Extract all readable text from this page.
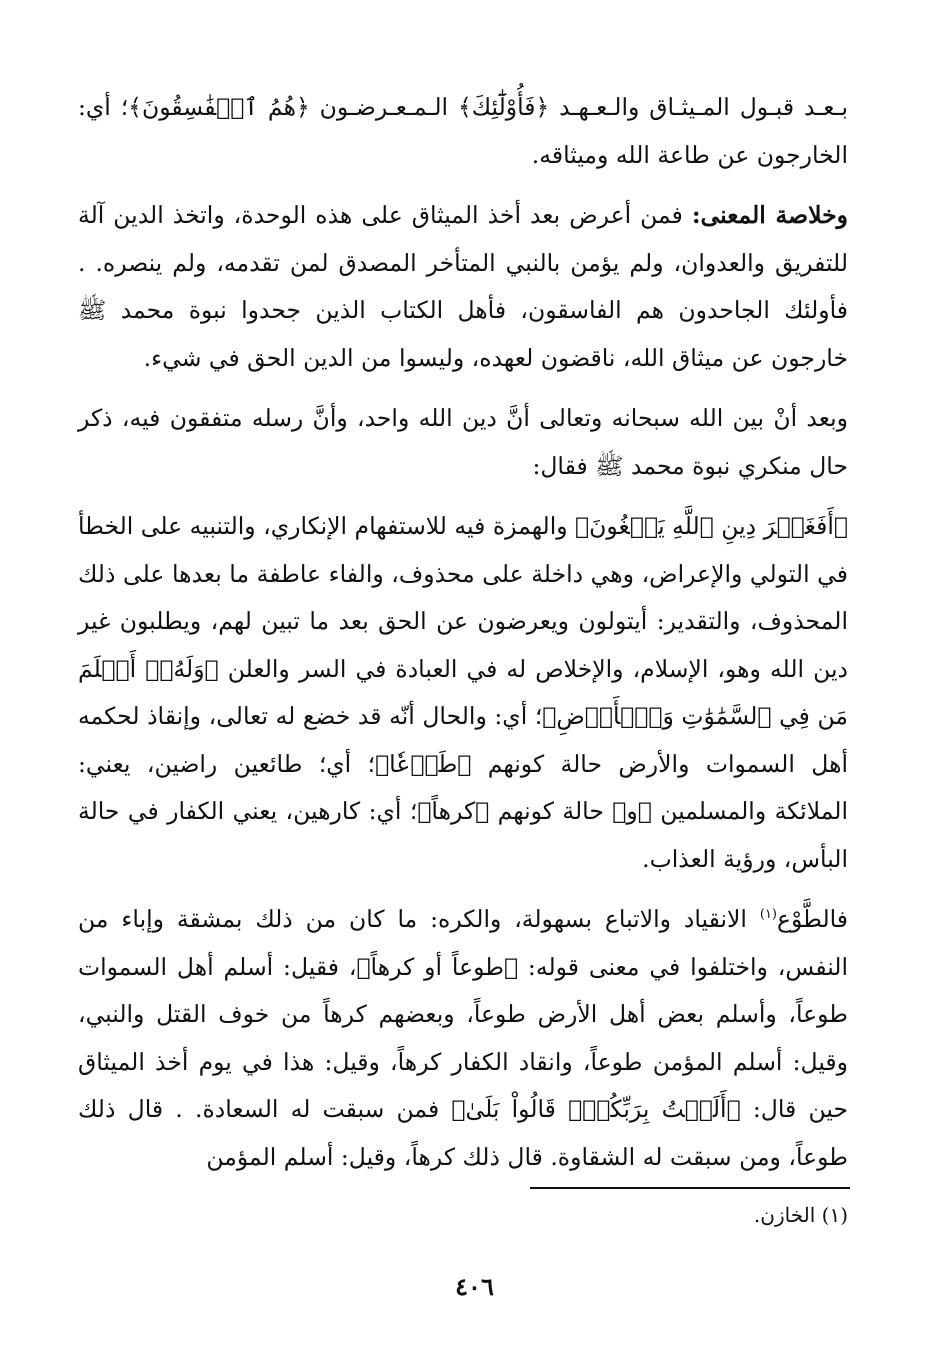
بـعـد قبـول المـيثـاق والـعـهـد ﴿فَأُوْلَٰٓئِكَ﴾ الـمـعـرضـون ﴿هُمُ ٱلۡفَٰسِقُونَ﴾؛ أي: الخارجون عن طاعة الله وميثاقه.

وخلاصة المعنى: فمن أعرض بعد أخذ الميثاق على هذه الوحدة، واتخذ الدين آلة للتفريق والعدوان، ولم يؤمن بالنبي المتأخر المصدق لمن تقدمه، ولم ينصره. . فأولئك الجاحدون هم الفاسقون، فأهل الكتاب الذين جحدوا نبوة محمد ﷺ خارجون عن ميثاق الله، ناقضون لعهده، وليسوا من الدين الحق في شيء.

وبعد أنْ بين الله سبحانه وتعالى أنَّ دين الله واحد، وأنَّ رسله متفقون فيه، ذكر حال منكري نبوة محمد ﷺ فقال:

﴿أَفَغَيۡرَ دِينِ ٱللَّهِ يَبۡغُونَ﴾ والهمزة فيه للاستفهام الإنكاري، والتنبيه على الخطأ في التولي والإعراض، وهي داخلة على محذوف، والفاء عاطفة ما بعدها على ذلك المحذوف، والتقدير: أيتولون ويعرضون عن الحق بعد ما تبين لهم، ويطلبون غير دين الله وهو، الإسلام، والإخلاص له في العبادة في السر والعلن ﴿وَلَهُۥٓ أَسۡلَمَ مَن فِي ٱلسَّمَٰوَٰتِ وَٱلۡأَرۡضِ﴾؛ أي: والحال أنّه قد خضع له تعالى، وإنقاذ لحكمه أهل السموات والأرض حالة كونهم ﴿طَوۡعٗا﴾؛ أي؛ طائعين راضين، يعني: الملائكة والمسلمين ﴿و﴾ حالة كونهم ﴿كرهاً﴾؛ أي: كارهين، يعني الكفار في حالة البأس، ورؤية العذاب.

فالطَّوْع$^{(١)}$ الانقياد والاتباع بسهولة، والكره: ما كان من ذلك بمشقة وإباء من النفس، واختلفوا في معنى قوله: ﴿طوعاً أو كرهاً﴾، فقيل: أسلم أهل السموات طوعاً، وأسلم بعض أهل الأرض طوعاً، وبعضهم كرهاً من خوف القتل والنبي، وقيل: أسلم المؤمن طوعاً، وانقاد الكفار كرهاً، وقيل: هذا في يوم أخذ الميثاق حين قال: ﴿أَلَسۡتُ بِرَبِّكُمۡۖ قَالُواْ بَلَىٰ﴾ فمن سبقت له السعادة. . قال ذلك طوعاً، ومن سبقت له الشقاوة. قال ذلك كرهاً، وقيل: أسلم المؤمن

(١) الخازن.
٤٠٦
